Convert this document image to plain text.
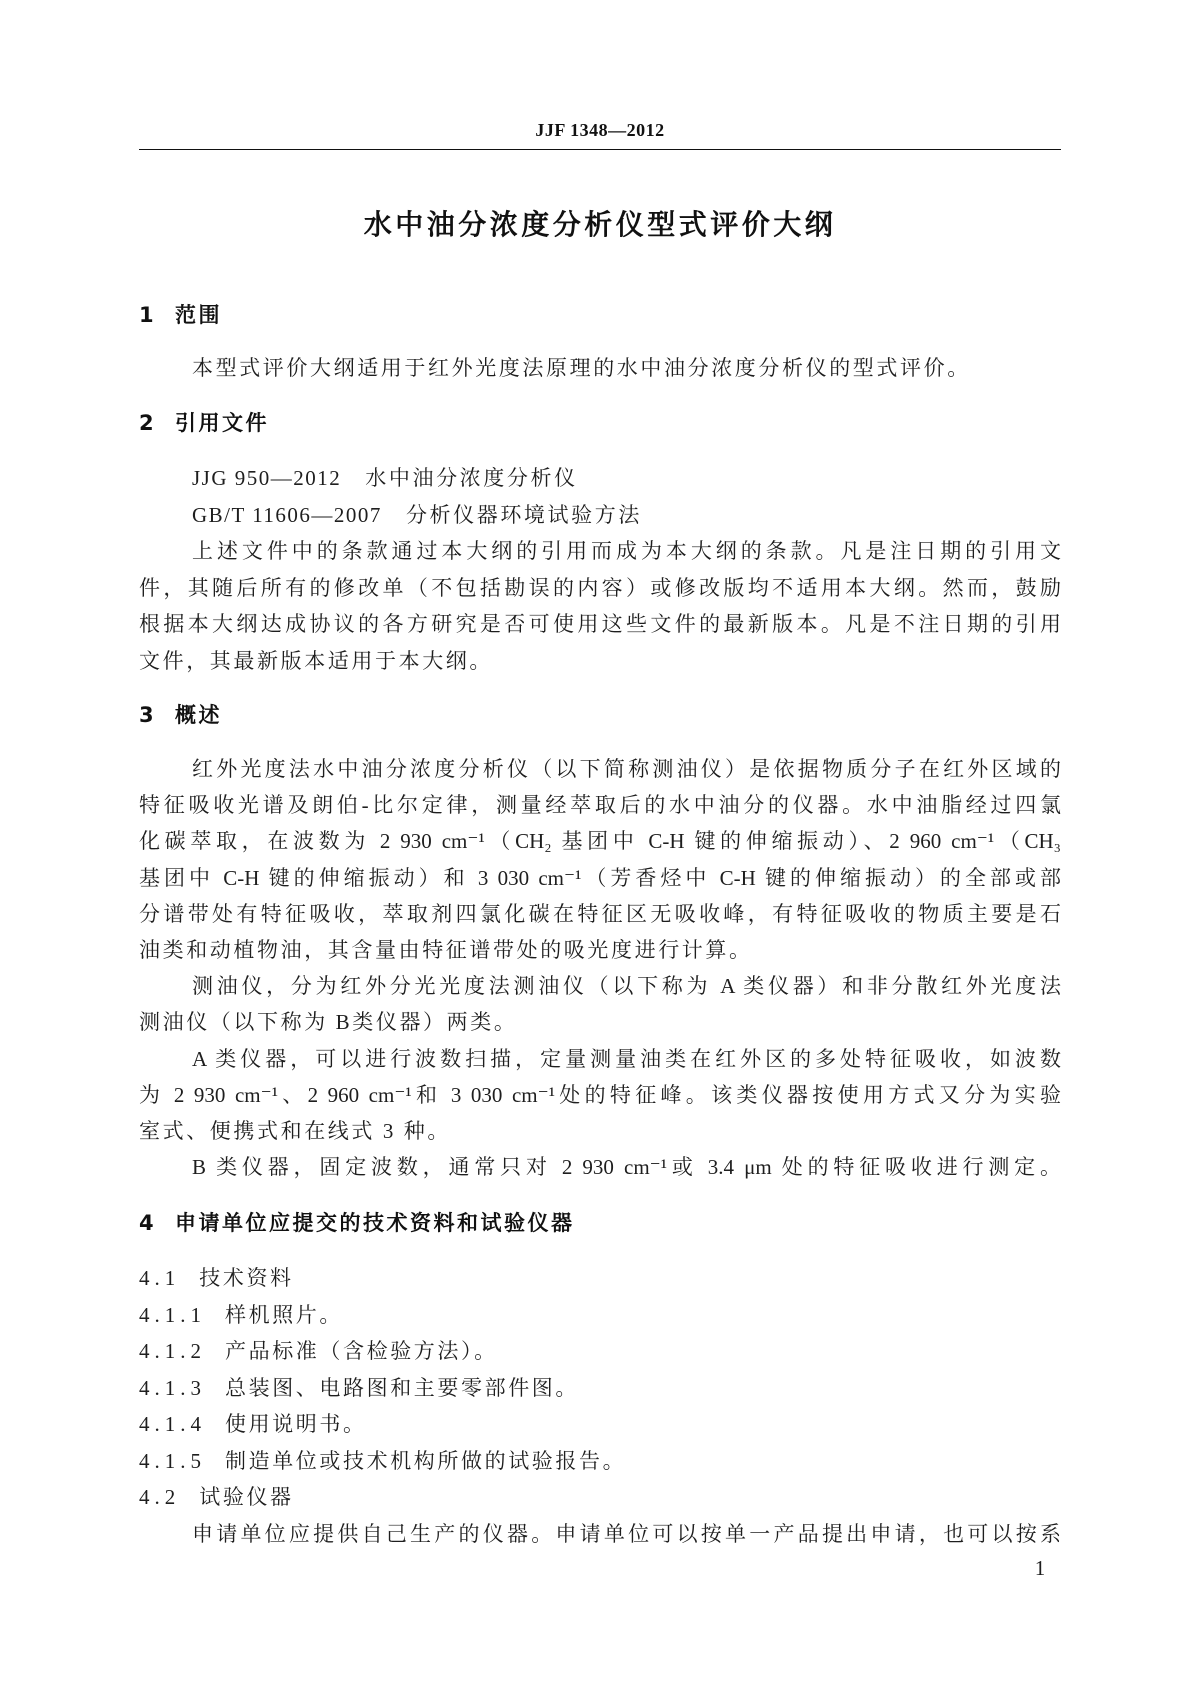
JJF 1348—2012
水中油分浓度分析仪型式评价大纲
1 范围
本型式评价大纲适用于红外光度法原理的水中油分浓度分析仪的型式评价。
2 引用文件
JJG 950—2012 水中油分浓度分析仪
GB/T 11606—2007 分析仪器环境试验方法
上述文件中的条款通过本大纲的引用而成为本大纲的条款。凡是注日期的引用文
件，其随后所有的修改单（不包括勘误的内容）或修改版均不适用本大纲。然而，鼓励
根据本大纲达成协议的各方研究是否可使用这些文件的最新版本。凡是不注日期的引用
文件，其最新版本适用于本大纲。
3 概述
红外光度法水中油分浓度分析仪（以下简称测油仪）是依据物质分子在红外区域的
特征吸收光谱及朗伯-比尔定律，测量经萃取后的水中油分的仪器。水中油脂经过四氯
化碳萃取，在波数为 2 930 cm⁻¹（CH₂ 基团中 C-H 键的伸缩振动）、2 960 cm⁻¹（CH₃
基团中 C-H 键的伸缩振动）和 3 030 cm⁻¹（芳香烃中 C-H 键的伸缩振动）的全部或部
分谱带处有特征吸收，萃取剂四氯化碳在特征区无吸收峰，有特征吸收的物质主要是石
油类和动植物油，其含量由特征谱带处的吸光度进行计算。
测油仪，分为红外分光光度法测油仪（以下称为 A 类仪器）和非分散红外光度法
测油仪（以下称为 B类仪器）两类。
A 类仪器，可以进行波数扫描，定量测量油类在红外区的多处特征吸收，如波数
为 2 930 cm⁻¹、2 960 cm⁻¹和 3 030 cm⁻¹处的特征峰。该类仪器按使用方式又分为实验
室式、便携式和在线式 3 种。
B 类仪器，固定波数，通常只对 2 930 cm⁻¹或 3.4 μm 处的特征吸收进行测定。
4 申请单位应提交的技术资料和试验仪器
4.1 技术资料
4.1.1 样机照片。
4.1.2 产品标准（含检验方法）。
4.1.3 总装图、电路图和主要零部件图。
4.1.4 使用说明书。
4.1.5 制造单位或技术机构所做的试验报告。
4.2 试验仪器
申请单位应提供自己生产的仪器。申请单位可以按单一产品提出申请，也可以按系
1
